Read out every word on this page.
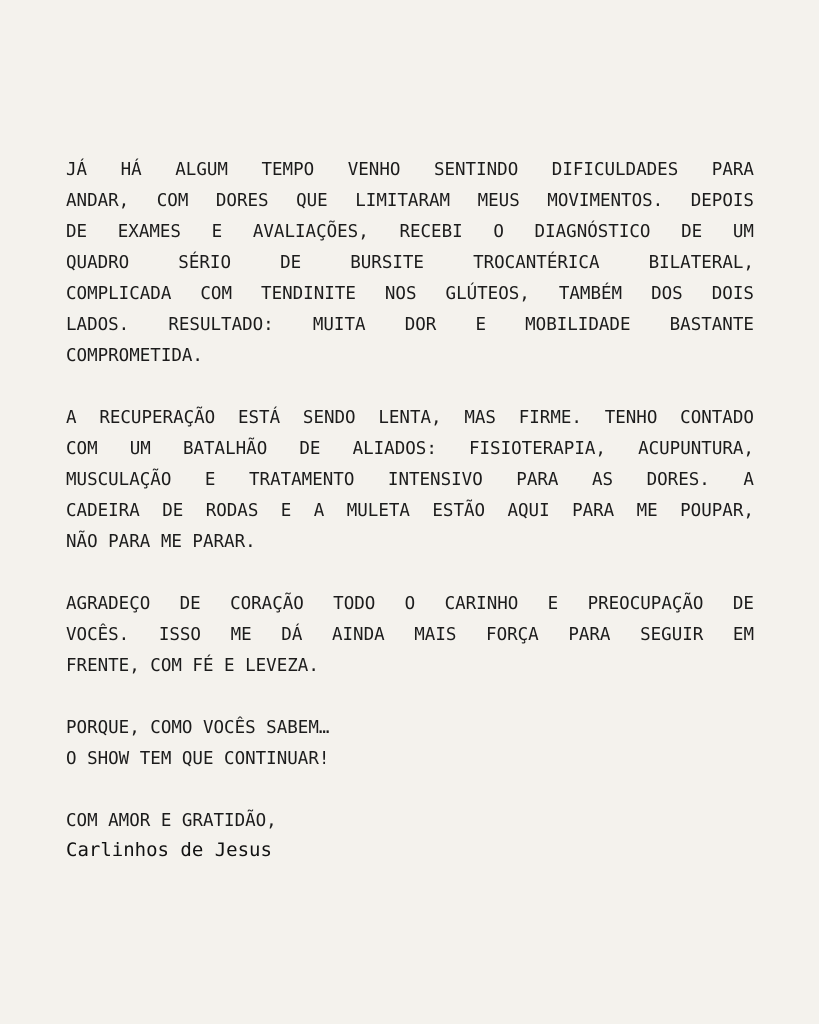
JÁ HÁ ALGUM TEMPO VENHO SENTINDO DIFICULDADES PARA
ANDAR, COM DORES QUE LIMITARAM MEUS MOVIMENTOS. DEPOIS
DE EXAMES E AVALIAÇÕES, RECEBI O DIAGNÓSTICO DE UM
QUADRO	SÉRIO	DE	BURSITE	TROCANTÉRICA	BILATERAL,
COMPLICADA COM TENDINITE NOS GLÚTEOS, TAMBÉM DOS DOIS
LADOS. RESULTADO: MUITA DOR E MOBILIDADE BASTANTE
COMPROMETIDA.
A RECUPERAÇÃO ESTÁ SENDO LENTA, MAS FIRME. TENHO CONTADO
COM UM BATALHÃO DE ALIADOS: FISIOTERAPIA, ACUPUNTURA,
MUSCULAÇÃO E TRATAMENTO INTENSIVO PARA AS DORES. A
CADEIRA DE RODAS E A MULETA ESTÃO AQUI PARA ME POUPAR,
NÃO PARA ME PARAR.
AGRADEÇO DE CORAÇÃO TODO O CARINHO E PREOCUPAÇÃO DE
VOCÊS. ISSO ME DÁ AINDA MAIS FORÇA PARA SEGUIR EM
FRENTE, COM FÉ E LEVEZA.
PORQUE, COMO VOCÊS SABEM…
O SHOW TEM QUE CONTINUAR!

COM AMOR E GRATIDÃO,

Carlinhos de Jesus
